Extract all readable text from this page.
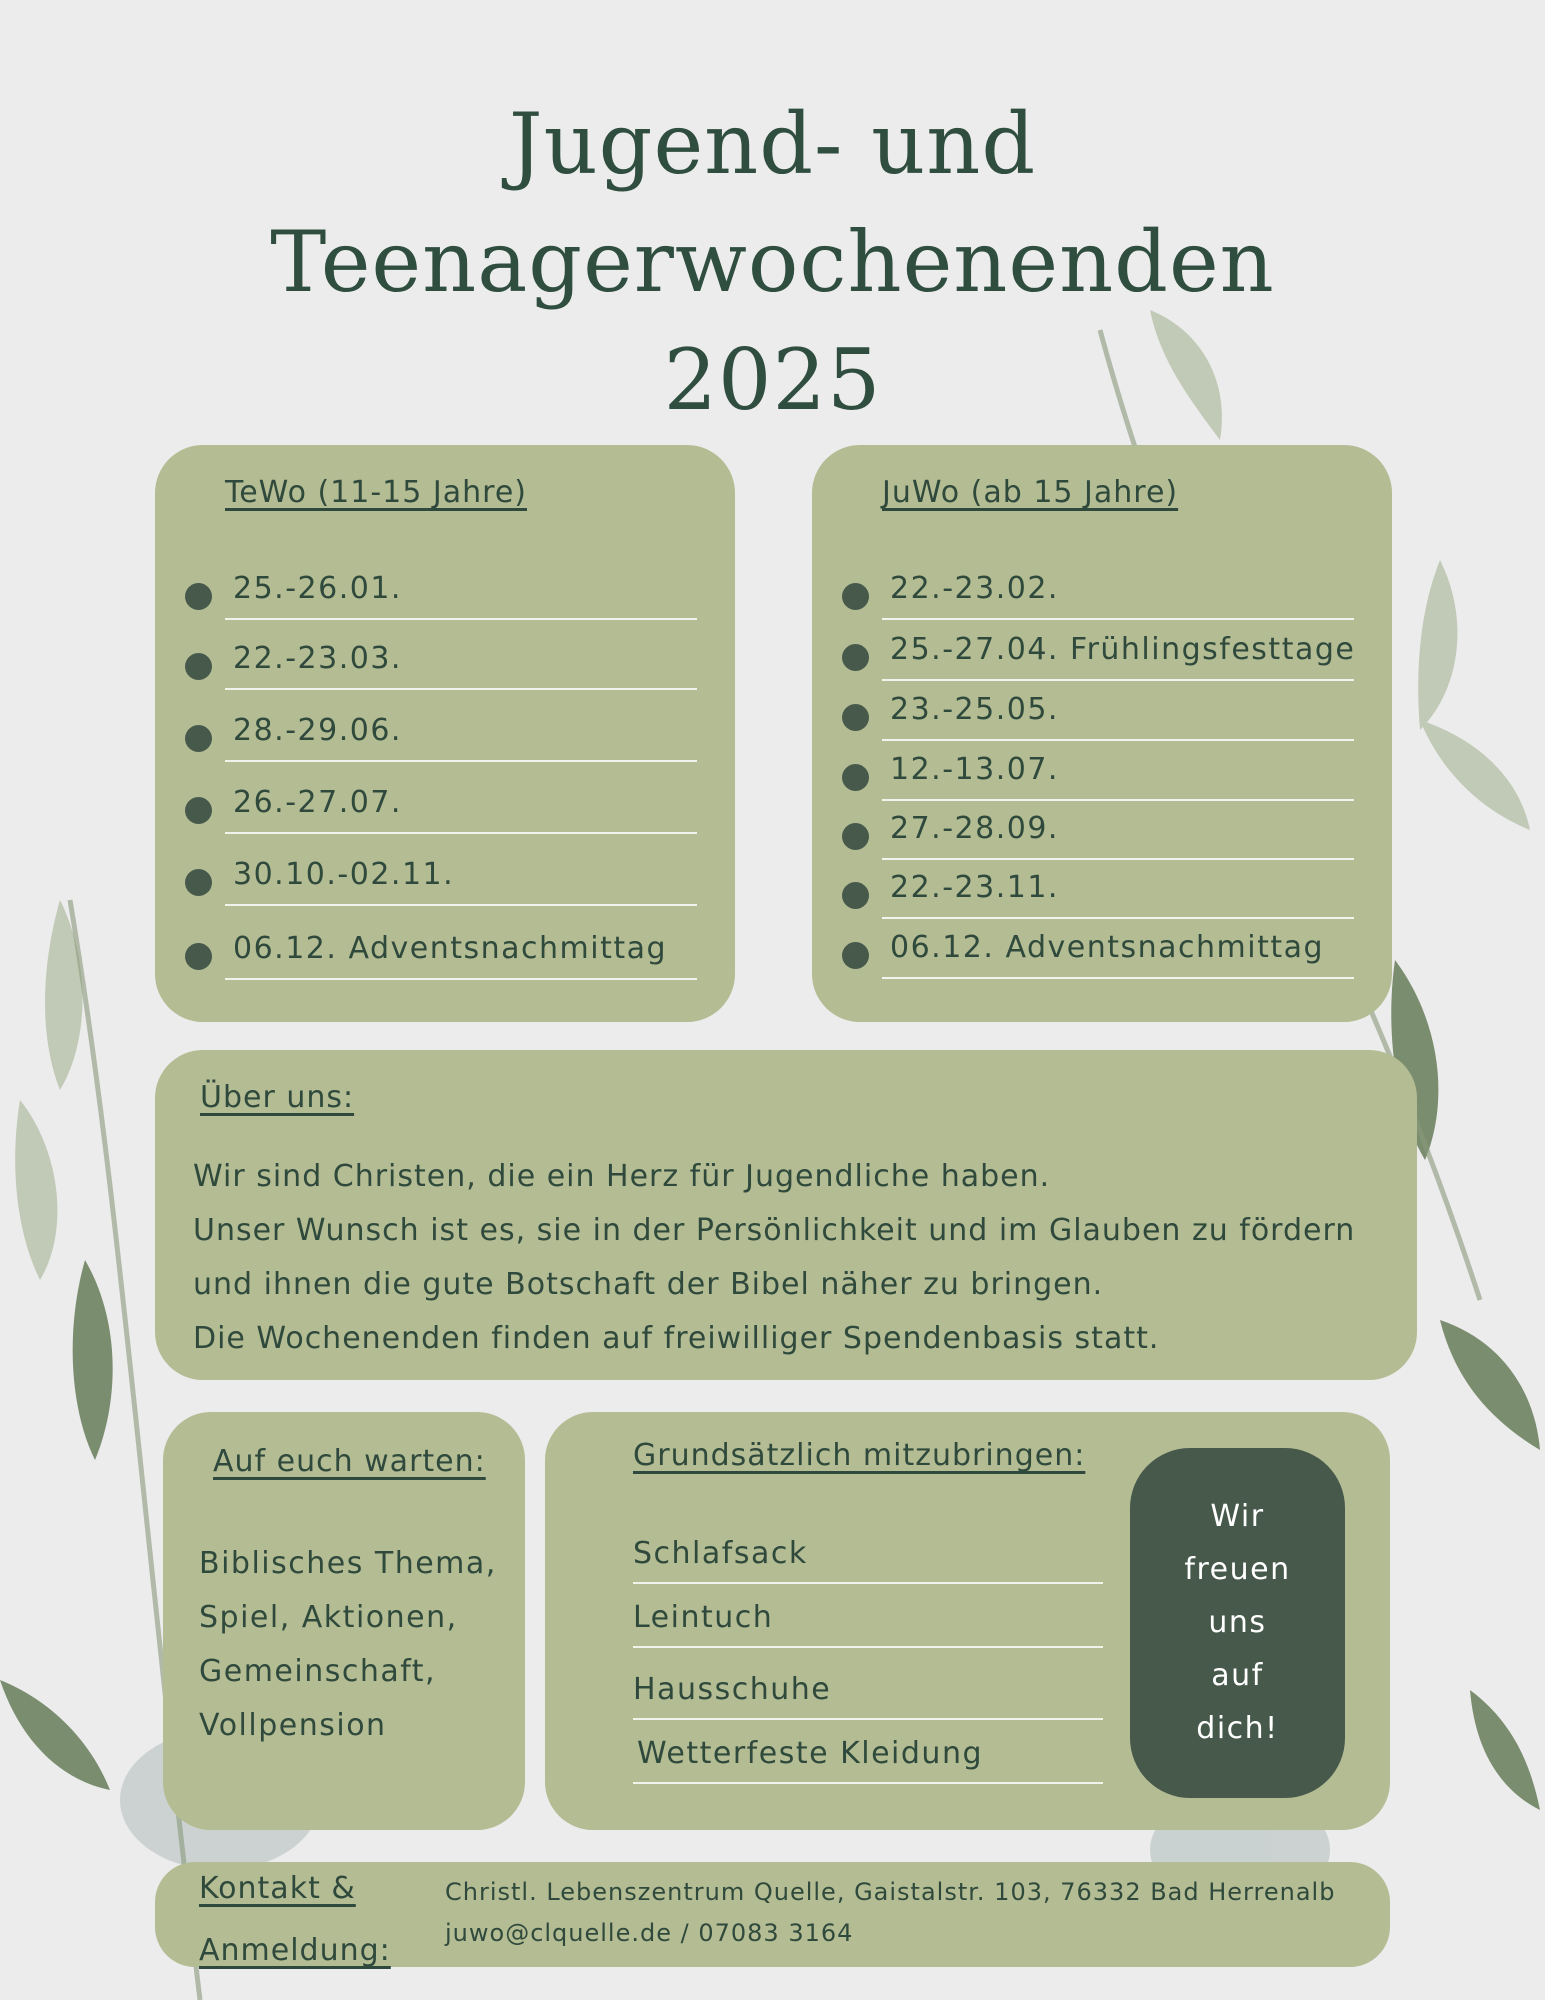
Jugend- und
Teenagerwochenenden
2025
TeWo (11-15 Jahre)
25.-26.01.
22.-23.03.
28.-29.06.
26.-27.07.
30.10.-02.11.
06.12. Adventsnachmittag
JuWo (ab 15 Jahre)
22.-23.02.
25.-27.04. Frühlingsfesttage
23.-25.05.
12.-13.07.
27.-28.09.
22.-23.11.
06.12. Adventsnachmittag
Über uns:
Wir sind Christen, die ein Herz für Jugendliche haben.
Unser Wunsch ist es, sie in der Persönlichkeit und im Glauben zu fördern
und ihnen die gute Botschaft der Bibel näher zu bringen.
Die Wochenenden finden auf freiwilliger Spendenbasis statt.
Auf euch warten:
Biblisches Thema,
Spiel, Aktionen,
Gemeinschaft,
Vollpension
Grundsätzlich mitzubringen:
Schlafsack
Leintuch
Hausschuhe
Wetterfeste Kleidung
Wir
freuen
uns
auf
dich!
Kontakt &
Anmeldung:
Christl. Lebenszentrum Quelle, Gaistalstr. 103, 76332 Bad Herrenalb
juwo@clquelle.de / 07083 3164
